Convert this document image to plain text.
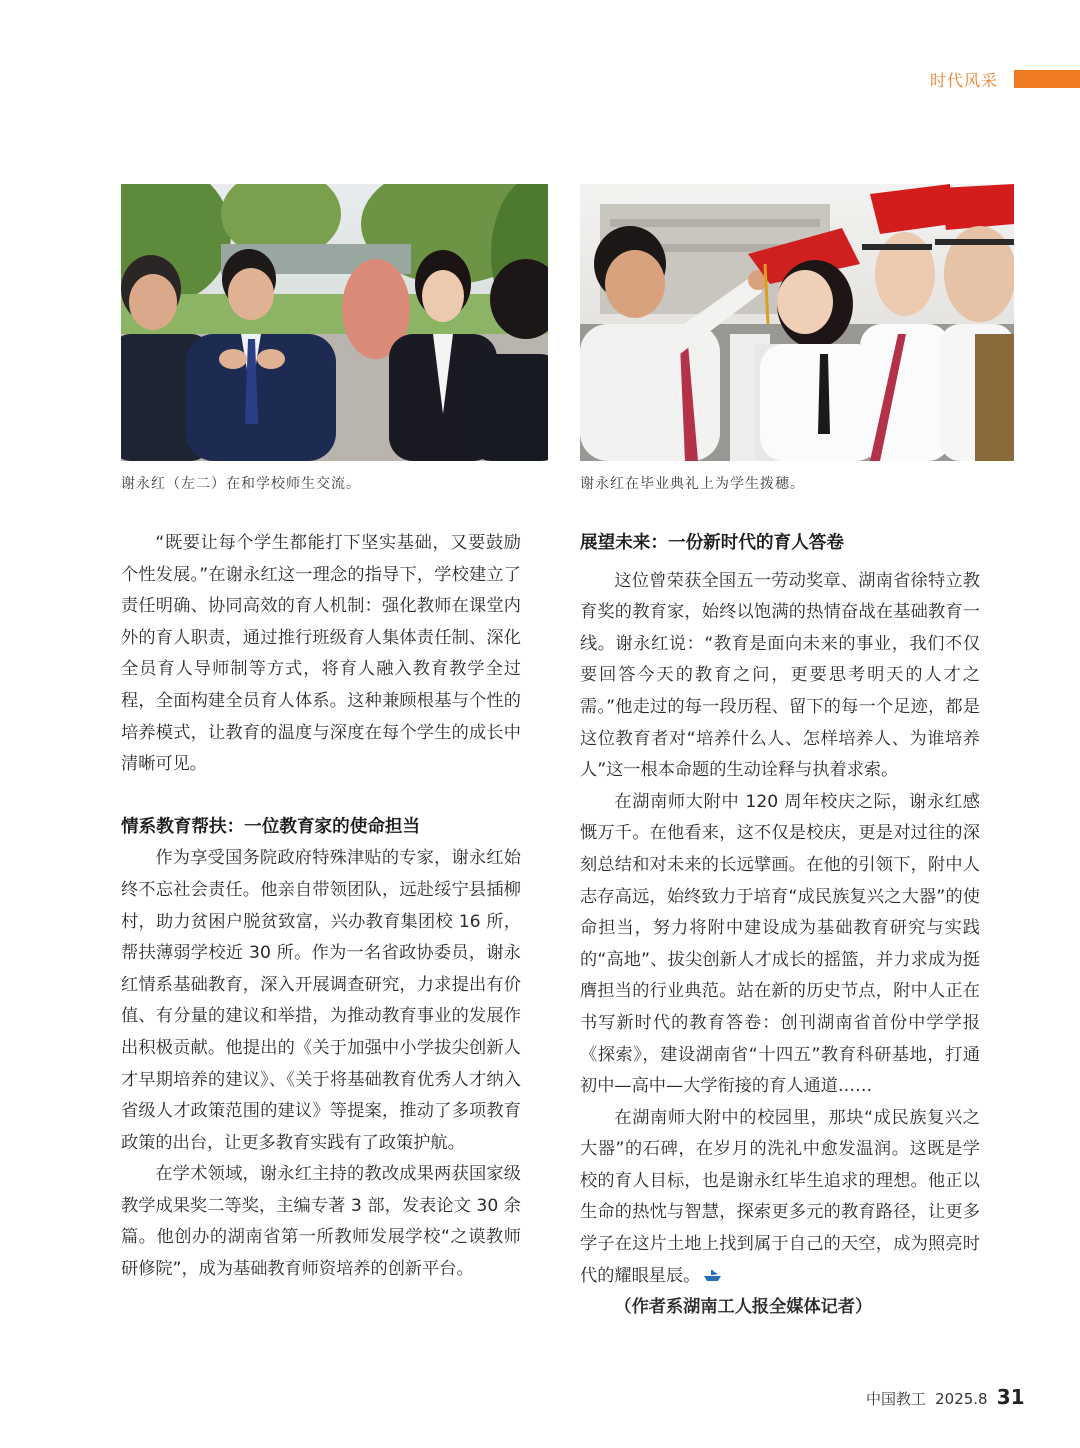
时代风采
谢永红（左二）在和学校师生交流。	谢永红在毕业典礼上为学生拨穗。

“既要让每个学生都能打下坚实基础，又要鼓励个性发展。”在谢永红这一理念的指导下，学校建立了责任明确、协同高效的育人机制：强化教师在课堂内外的育人职责，通过推行班级育人集体责任制、深化全员育人导师制等方式，将育人融入教育教学全过程，全面构建全员育人体系。这种兼顾根基与个性的培养模式，让教育的温度与深度在每个学生的成长中清晰可见。

情系教育帮扶：一位教育家的使命担当

作为享受国务院政府特殊津贴的专家，谢永红始终不忘社会责任。他亲自带领团队，远赴绥宁县插柳村，助力贫困户脱贫致富，兴办教育集团校 16 所，帮扶薄弱学校近 30 所。作为一名省政协委员，谢永红情系基础教育，深入开展调查研究，力求提出有价值、有分量的建议和举措，为推动教育事业的发展作出积极贡献。他提出的《关于加强中小学拔尖创新人才早期培养的建议》、《关于将基础教育优秀人才纳入省级人才政策范围的建议》等提案，推动了多项教育政策的出台，让更多教育实践有了政策护航。

在学术领域，谢永红主持的教改成果两获国家级教学成果奖二等奖，主编专著 3 部，发表论文 30 余篇。他创办的湖南省第一所教师发展学校“之谟教师研修院”，成为基础教育师资培养的创新平台。

展望未来：一份新时代的育人答卷

这位曾荣获全国五一劳动奖章、湖南省徐特立教育奖的教育家，始终以饱满的热情奋战在基础教育一线。谢永红说：“教育是面向未来的事业，我们不仅要回答今天的教育之问，更要思考明天的人才之需。”他走过的每一段历程、留下的每一个足迹，都是这位教育者对“培养什么人、怎样培养人、为谁培养人”这一根本命题的生动诠释与执着求索。

在湖南师大附中 120 周年校庆之际，谢永红感慨万千。在他看来，这不仅是校庆，更是对过往的深刻总结和对未来的长远擘画。在他的引领下，附中人志存高远，始终致力于培育“成民族复兴之大器”的使命担当，努力将附中建设成为基础教育研究与实践的“高地”、拔尖创新人才成长的摇篮，并力求成为挺膺担当的行业典范。站在新的历史节点，附中人正在书写新时代的教育答卷：创刊湖南省首份中学学报《探索》，建设湖南省“十四五”教育科研基地，打通初中—高中—大学衔接的育人通道……

在湖南师大附中的校园里，那块“成民族复兴之大器”的石碑，在岁月的洗礼中愈发温润。这既是学校的育人目标，也是谢永红毕生追求的理想。他正以生命的热忱与智慧，探索更多元的教育路径，让更多学子在这片土地上找到属于自己的天空，成为照亮时代的耀眼星辰。

（作者系湖南工人报全媒体记者）

中国教工 2025.8 31
